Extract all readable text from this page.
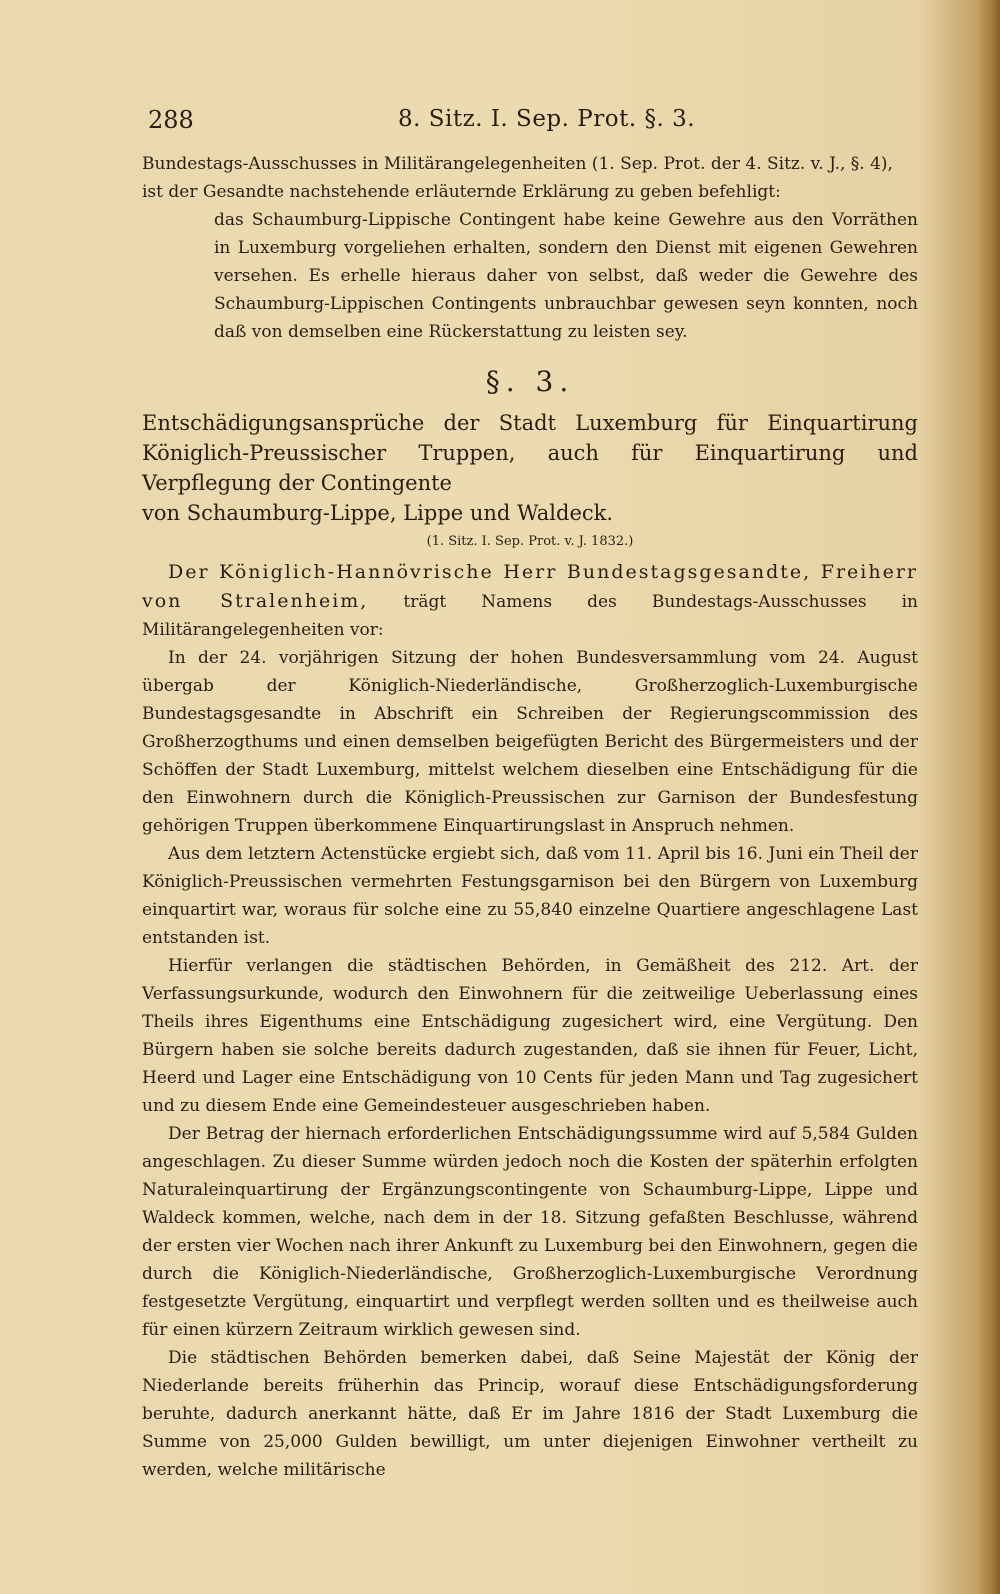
288	8. Sitz. I. Sep. Prot. §. 3.

Bundestags-Ausschusses in Militärangelegenheiten (1. Sep. Prot. der 4. Sitz. v. J., §. 4),

ist der Gesandte nachstehende erläuternde Erklärung zu geben befehligt:

das Schaumburg-Lippische Contingent habe keine Gewehre aus den Vorräthen in Luxemburg vorgeliehen erhalten, sondern den Dienst mit eigenen Gewehren versehen. Es erhelle hieraus daher von selbst, daß weder die Gewehre des Schaumburg-Lippischen Contingents unbrauchbar gewesen seyn konnten, noch daß von demselben eine Rückerstattung zu leisten sey.

§. 3.
Entschädigungsansprüche der Stadt Luxemburg für Einquartirung Königlich-Preussischer Truppen, auch für Einquartirung und Verpflegung der Contingente
von Schaumburg-Lippe, Lippe und Waldeck.
(1. Sitz. I. Sep. Prot. v. J. 1832.)

Der Königlich-Hannövrische Herr Bundestagsgesandte, Freiherr von Stralenheim, trägt Namens des Bundestags-Ausschusses in Militärangelegenheiten vor:

In der 24. vorjährigen Sitzung der hohen Bundesversammlung vom 24. August übergab der Königlich-Niederländische, Großherzoglich-Luxemburgische Bundestagsgesandte in Abschrift ein Schreiben der Regierungscommission des Großherzogthums und einen demselben beigefügten Bericht des Bürgermeisters und der Schöffen der Stadt Luxemburg, mittelst welchem dieselben eine Entschädigung für die den Einwohnern durch die Königlich-Preussischen zur Garnison der Bundesfestung gehörigen Truppen überkommene Einquartirungslast in Anspruch nehmen.

Aus dem letztern Actenstücke ergiebt sich, daß vom 11. April bis 16. Juni ein Theil der Königlich-Preussischen vermehrten Festungsgarnison bei den Bürgern von Luxemburg einquartirt war, woraus für solche eine zu 55,840 einzelne Quartiere angeschlagene Last entstanden ist.

Hierfür verlangen die städtischen Behörden, in Gemäßheit des 212. Art. der Verfassungsurkunde, wodurch den Einwohnern für die zeitweilige Ueberlassung eines Theils ihres Eigenthums eine Entschädigung zugesichert wird, eine Vergütung. Den Bürgern haben sie solche bereits dadurch zugestanden, daß sie ihnen für Feuer, Licht, Heerd und Lager eine Entschädigung von 10 Cents für jeden Mann und Tag zugesichert und zu diesem Ende eine Gemeindesteuer ausgeschrieben haben.

Der Betrag der hiernach erforderlichen Entschädigungssumme wird auf 5,584 Gulden angeschlagen. Zu dieser Summe würden jedoch noch die Kosten der späterhin erfolgten Naturaleinquartirung der Ergänzungscontingente von Schaumburg-Lippe, Lippe und Waldeck kommen, welche, nach dem in der 18. Sitzung gefaßten Beschlusse, während der ersten vier Wochen nach ihrer Ankunft zu Luxemburg bei den Einwohnern, gegen die durch die Königlich-Niederländische, Großherzoglich-Luxemburgische Verordnung festgesetzte Vergütung, einquartirt und verpflegt werden sollten und es theilweise auch für einen kürzern Zeitraum wirklich gewesen sind.

Die städtischen Behörden bemerken dabei, daß Seine Majestät der König der Niederlande bereits früherhin das Princip, worauf diese Entschädigungsforderung beruhte, dadurch anerkannt hätte, daß Er im Jahre 1816 der Stadt Luxemburg die Summe von 25,000 Gulden bewilligt, um unter diejenigen Einwohner vertheilt zu werden, welche militärische
